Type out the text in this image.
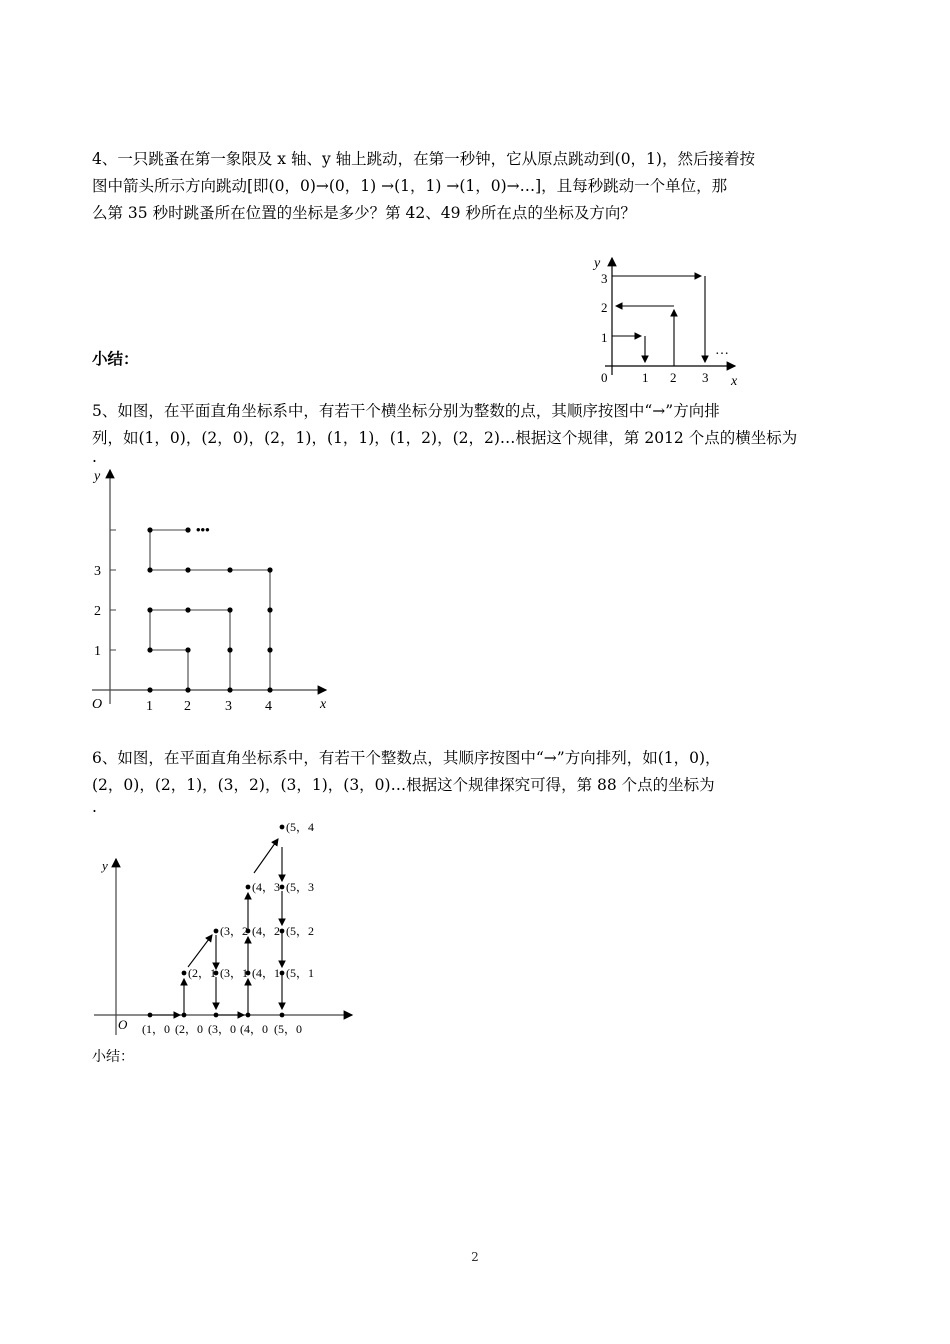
4、一只跳蚤在第一象限及 x 轴、y 轴上跳动，在第一秒钟，它从原点跳动到(0，1)，然后接着按
图中箭头所示方向跳动[即(0，0)→(0，1) →(1，1) →(1，0)→…]，且每秒跳动一个单位，那
么第 35 秒时跳蚤所在位置的坐标是多少？第 42、49 秒所在点的坐标及方向？
小结：
y
x
0	1 2 3
1
2
3
…
5、如图，在平面直角坐标系中，有若干个横坐标分别为整数的点，其顺序按图中“→”方向排
列，如(1，0)，(2，0)，(2，1)，(1，1)，(1，2)，(2，2)…根据这个规律，第 2012 个点的横坐标为
.
y
x
O	1 2 3 4
1
2
3
•••
6、如图，在平面直角坐标系中，有若干个整数点，其顺序按图中“→”方向排列，如(1，0)，
(2，0)，(2，1)，(3，2)，(3，1)，(3，0)…根据这个规律探究可得，第 88 个点的坐标为
.
y
O (1，0 (2，0 (3，0 (4，0 (5，0
(2，1 (3，1 (4，1 (5，1
(3，2 (4，2 (5，2
(4，3 (5，3
(5，4
小结：
2
